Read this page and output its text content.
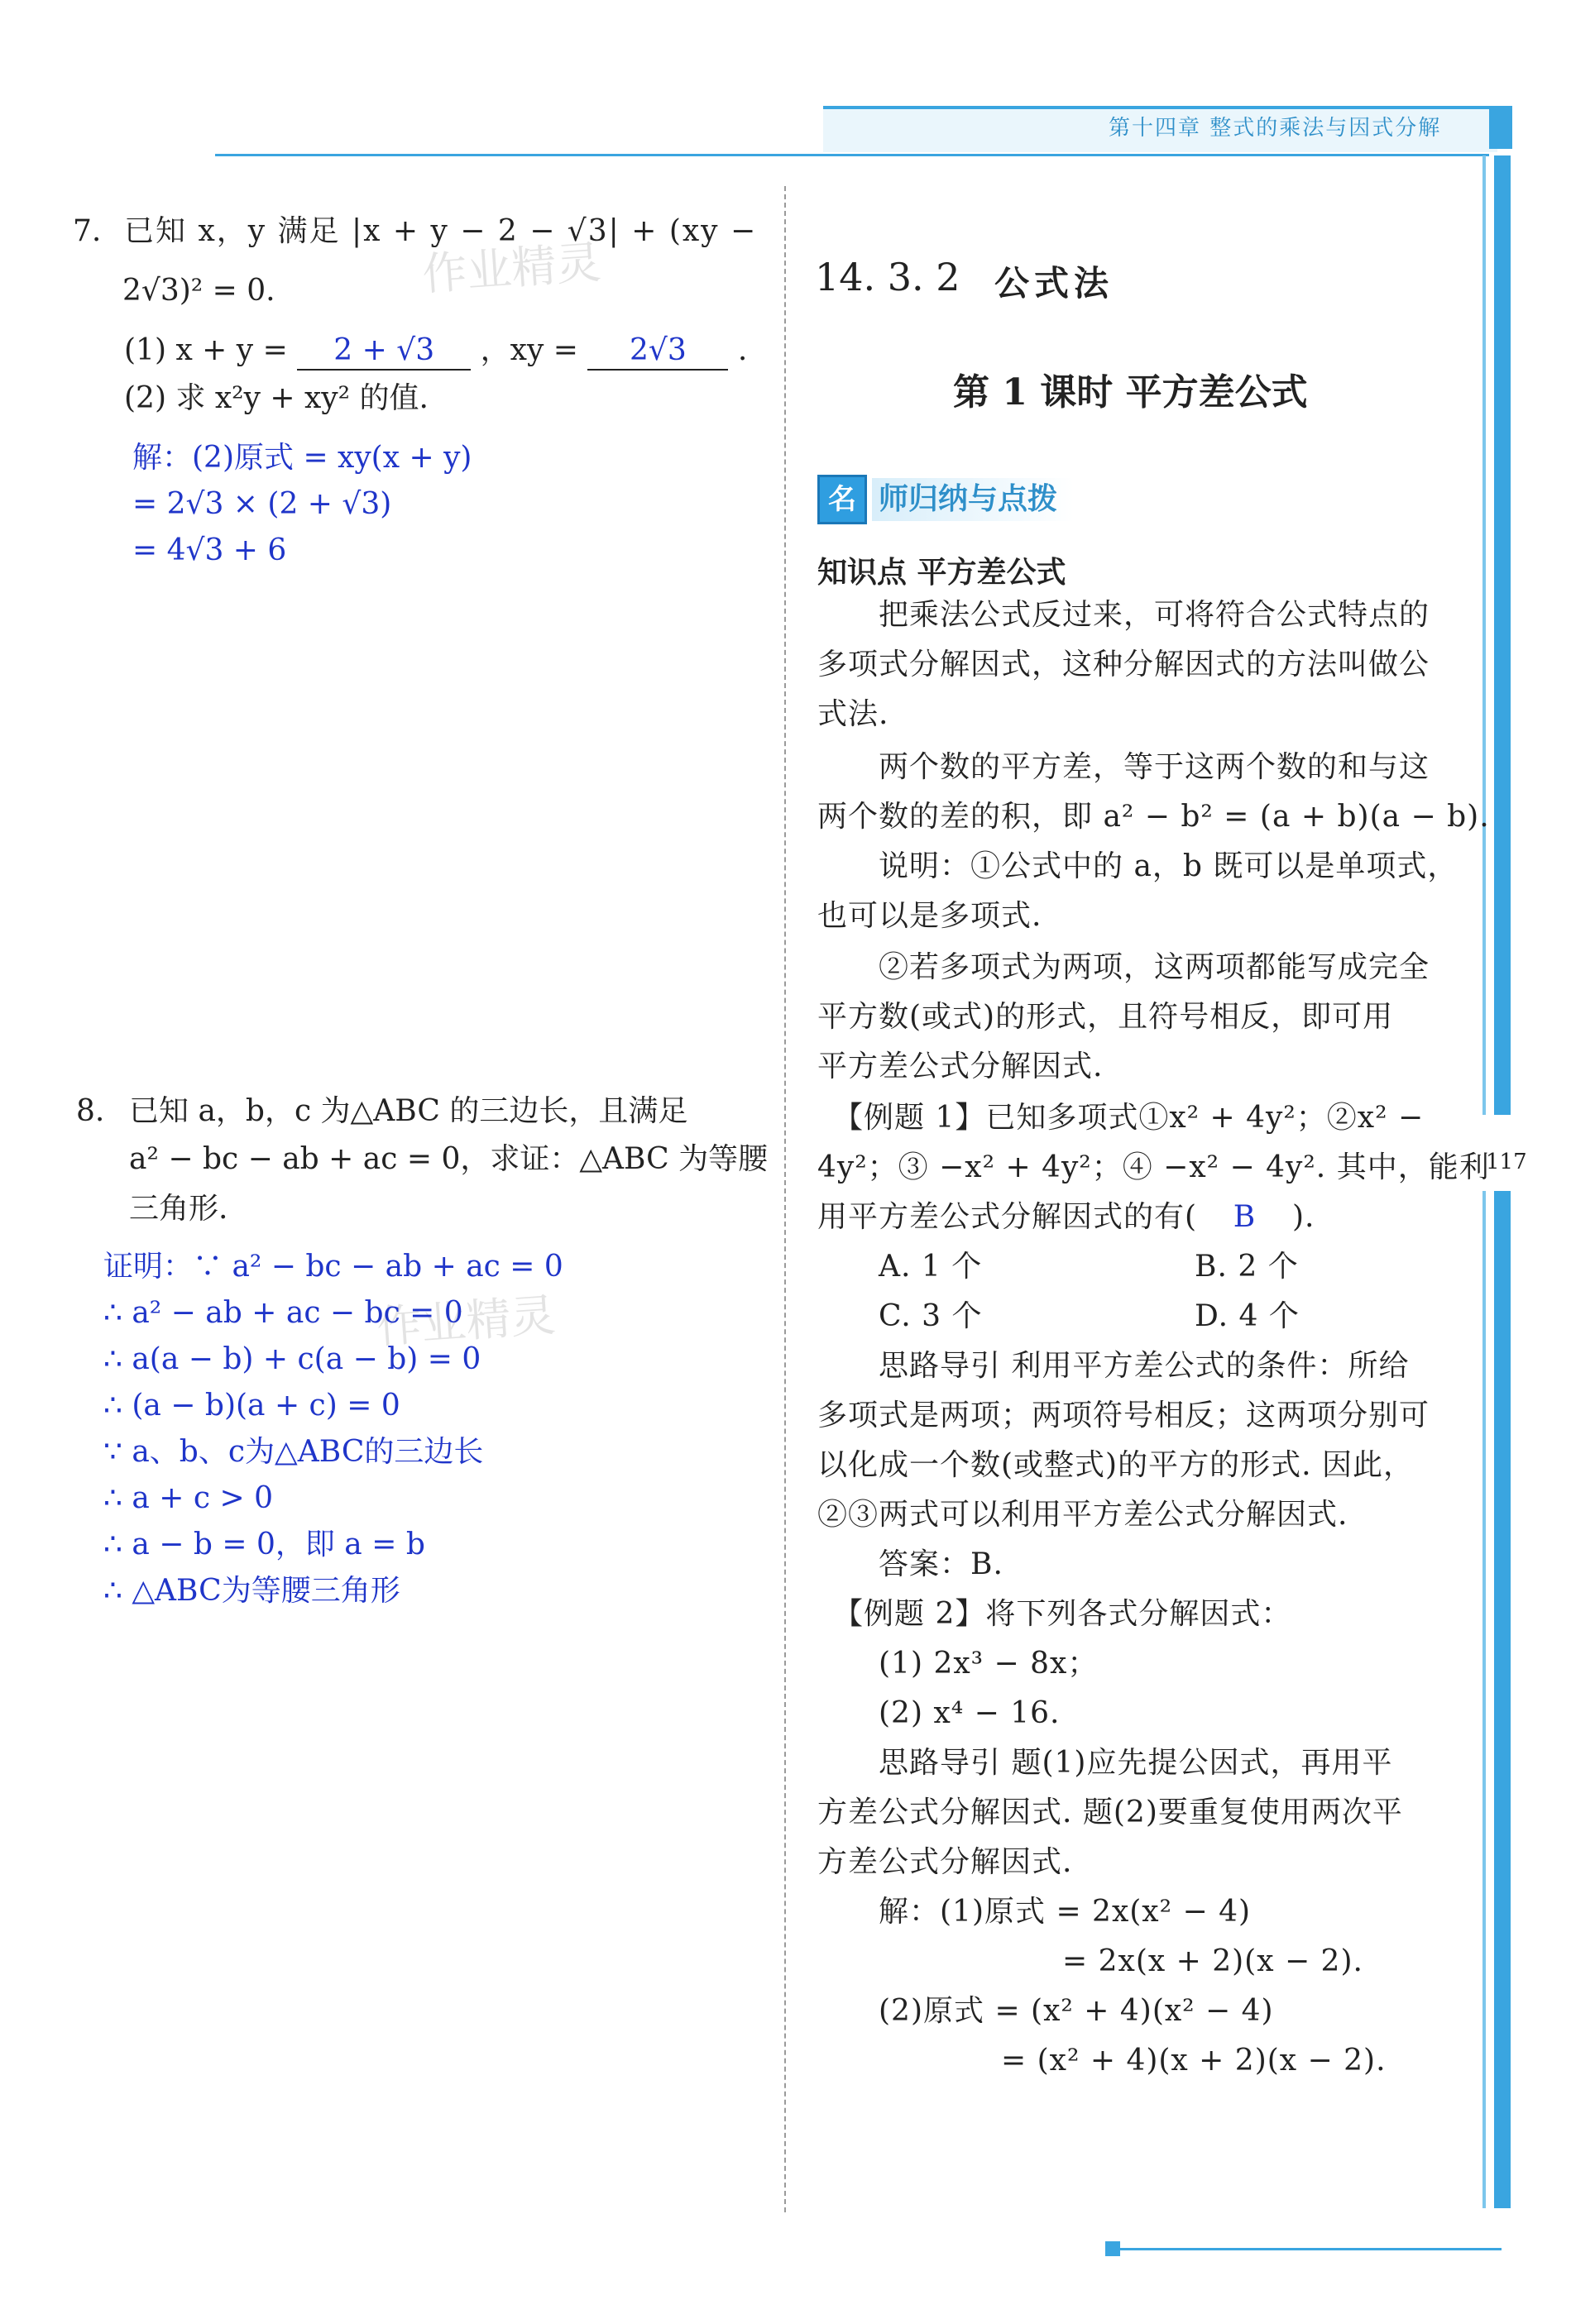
第十四章 整式的乘法与因式分解
117
作业精灵
作业精灵
7. 已知 x，y 满足 |x + y − 2 − √3| + (xy −
2√3)² = 0.
(1) x + y = 2 + √3 ，xy = 2√3 .
(2) 求 x²y + xy² 的值.
解：(2)原式 = xy(x + y)
= 2√3 × (2 + √3)
= 4√3 + 6
8. 已知 a，b，c 为△ABC 的三边长，且满足
a² − bc − ab + ac = 0，求证：△ABC 为等腰
三角形.
证明：∵ a² − bc − ab + ac = 0
∴ a² − ab + ac − bc = 0
∴ a(a − b) + c(a − b) = 0
∴ (a − b)(a + c) = 0
∵ a、b、c为△ABC的三边长
∴ a + c > 0
∴ a − b = 0，即 a = b
∴ △ABC为等腰三角形
14. 3. 2 公式法
第 1 课时 平方差公式
名 师归纳与点拨
知识点 平方差公式
　　把乘法公式反过来，可将符合公式特点的
多项式分解因式，这种分解因式的方法叫做公
式法.
　　两个数的平方差，等于这两个数的和与这
两个数的差的积，即 a² − b² = (a + b)(a − b).
　　说明：①公式中的 a，b 既可以是单项式，
也可以是多项式.
　　②若多项式为两项，这两项都能写成完全
平方数(或式)的形式，且符号相反，即可用
平方差公式分解因式.
　【例题 1】已知多项式①x² + 4y²；②x² −
4y²；③ −x² + 4y²；④ −x² − 4y². 其中，能利
用平方差公式分解因式的有( B ).
　　A. 1 个	B. 2 个
　　C. 3 个	D. 4 个
　　思路导引 利用平方差公式的条件：所给
多项式是两项；两项符号相反；这两项分别可
以化成一个数(或整式)的平方的形式. 因此，
②③两式可以利用平方差公式分解因式.
　　答案：B.
　【例题 2】将下列各式分解因式：
　　(1) 2x³ − 8x；
　　(2) x⁴ − 16.
　　思路导引 题(1)应先提公因式，再用平
方差公式分解因式. 题(2)要重复使用两次平
方差公式分解因式.
　　解：(1)原式 = 2x(x² − 4)
　　　　　　　　= 2x(x + 2)(x − 2).
　　(2)原式 = (x² + 4)(x² − 4)
　　　　　　= (x² + 4)(x + 2)(x − 2).
